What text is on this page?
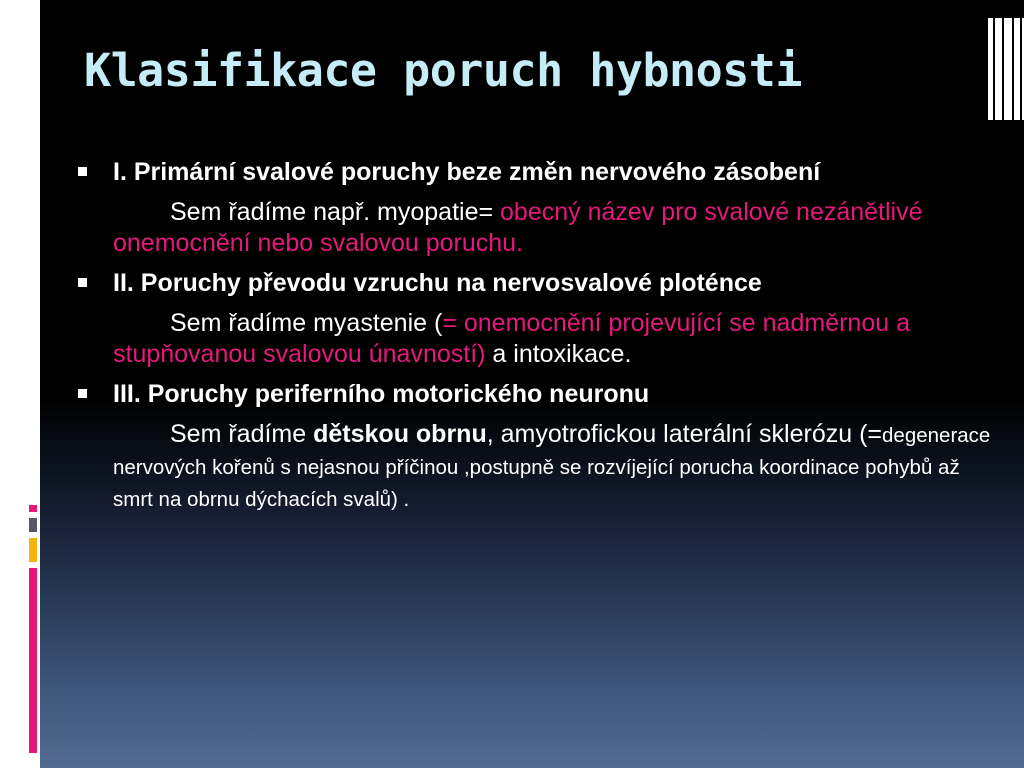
Klasifikace poruch hybnosti

I. Primární svalové poruchy beze změn nervového zásobení

Sem řadíme např. myopatie= obecný název pro svalové nezánětlivé onemocnění nebo svalovou poruchu.

II. Poruchy převodu vzruchu na nervosvalové ploténce

Sem řadíme myastenie (= onemocnění projevující se nadměrnou a stupňovanou svalovou únavností) a intoxikace.

III. Poruchy periferního motorického neuronu

Sem řadíme dětskou obrnu, amyotrofickou laterální sklerózu (=degenerace nervových kořenů s nejasnou příčinou ,postupně se rozvíjející porucha koordinace pohybů až smrt na obrnu dýchacích svalů) .
